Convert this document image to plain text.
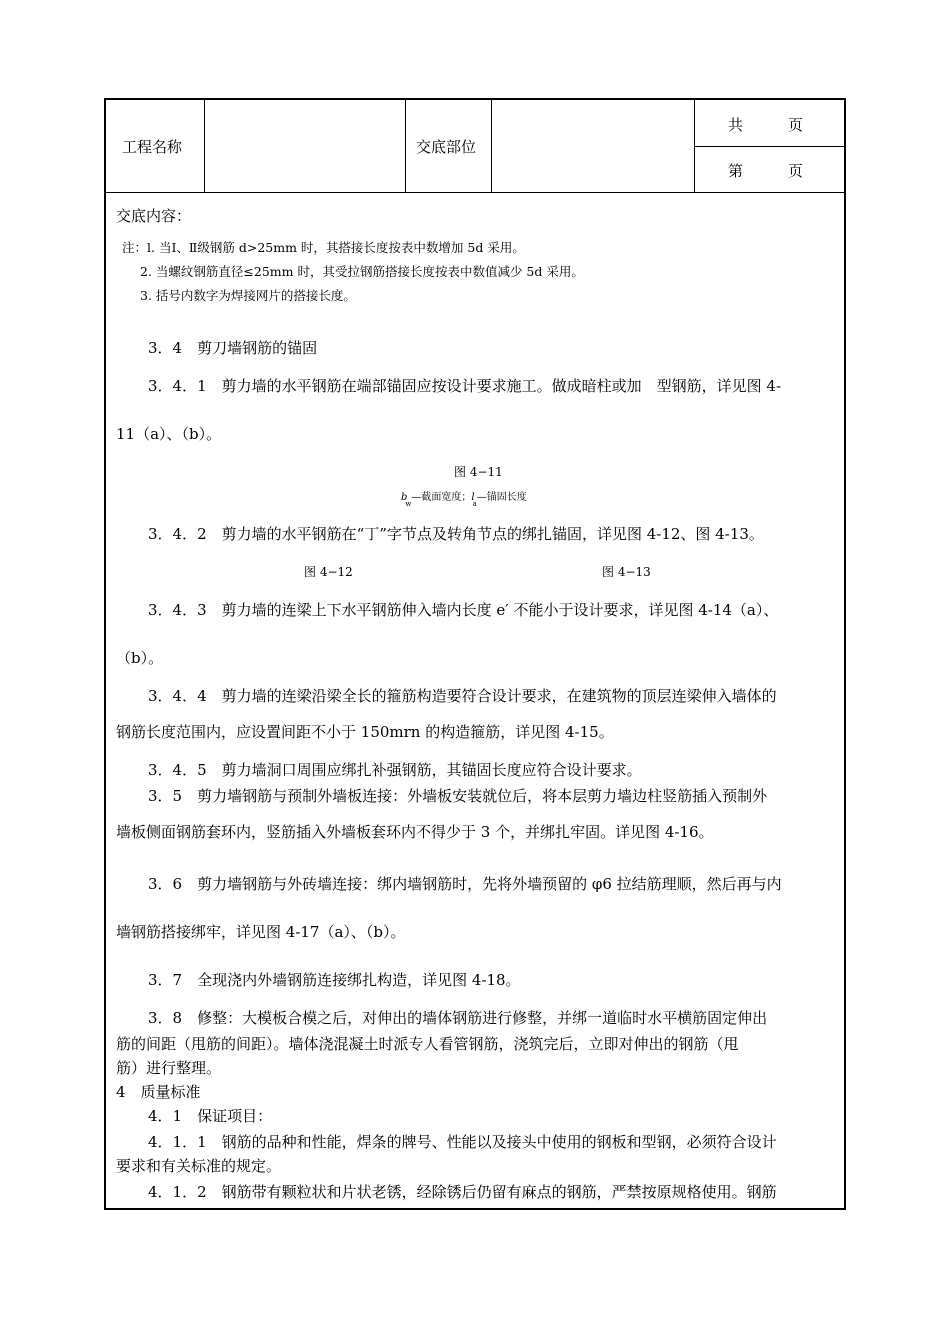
工程名称	交底部位
共　　　页
第　　　页
交底内容：
注：l. 当Ⅰ、Ⅱ级钢筋 d>25mm 时，其搭接长度按表中数增加 5d 采用。
2. 当螺纹钢筋直径≤25mm 时，其受拉钢筋搭接长度按表中数值减少 5d 采用。
3. 括号内数字为焊接网片的搭接长度。
3．4　剪刀墙钢筋的锚固
3．4．1　剪力墙的水平钢筋在端部锚固应按设计要求施工。做成暗柱或加　型钢筋，详见图 4-
11（a）、（b）。
图 4−11
$b_w—$截面宽度；$l_a—$锚固长度
3．4．2　剪力墙的水平钢筋在“丁”字节点及转角节点的绑扎锚固，详见图 4-12、图 4-13。
图 4−12	图 4−13
3．4．3　剪力墙的连梁上下水平钢筋伸入墙内长度 e′ 不能小于设计要求，详见图 4-14（a）、
（b）。
3．4．4　剪力墙的连梁沿梁全长的箍筋构造要符合设计要求，在建筑物的顶层连梁伸入墙体的
钢筋长度范围内，应设置间距不小于 150mrn 的构造箍筋，详见图 4-15。
3．4．5　剪力墙洞口周围应绑扎补强钢筋，其锚固长度应符合设计要求。
3．5　剪力墙钢筋与预制外墙板连接：外墙板安装就位后，将本层剪力墙边柱竖筋插入预制外
墙板侧面钢筋套环内，竖筋插入外墙板套环内不得少于 3 个，并绑扎牢固。详见图 4-16。
3．6　剪力墙钢筋与外砖墙连接：绑内墙钢筋时，先将外墙预留的 φ6 拉结筋理顺，然后再与内
墙钢筋搭接绑牢，详见图 4-17（a）、（b）。
3．7　全现浇内外墙钢筋连接绑扎构造，详见图 4-18。
3．8　修整：大模板合模之后，对伸出的墙体钢筋进行修整，并绑一道临时水平横筋固定伸出
筋的间距（甩筋的间距）。墙体浇混凝土时派专人看管钢筋，浇筑完后，立即对伸出的钢筋（甩
筋）进行整理。
4　质量标准
4．1　保证项目：
4．1．1　钢筋的品种和性能，焊条的牌号、性能以及接头中使用的钢板和型钢，必须符合设计
要求和有关标准的规定。
4．1．2　钢筋带有颗粒状和片状老锈，经除锈后仍留有麻点的钢筋，严禁按原规格使用。钢筋
